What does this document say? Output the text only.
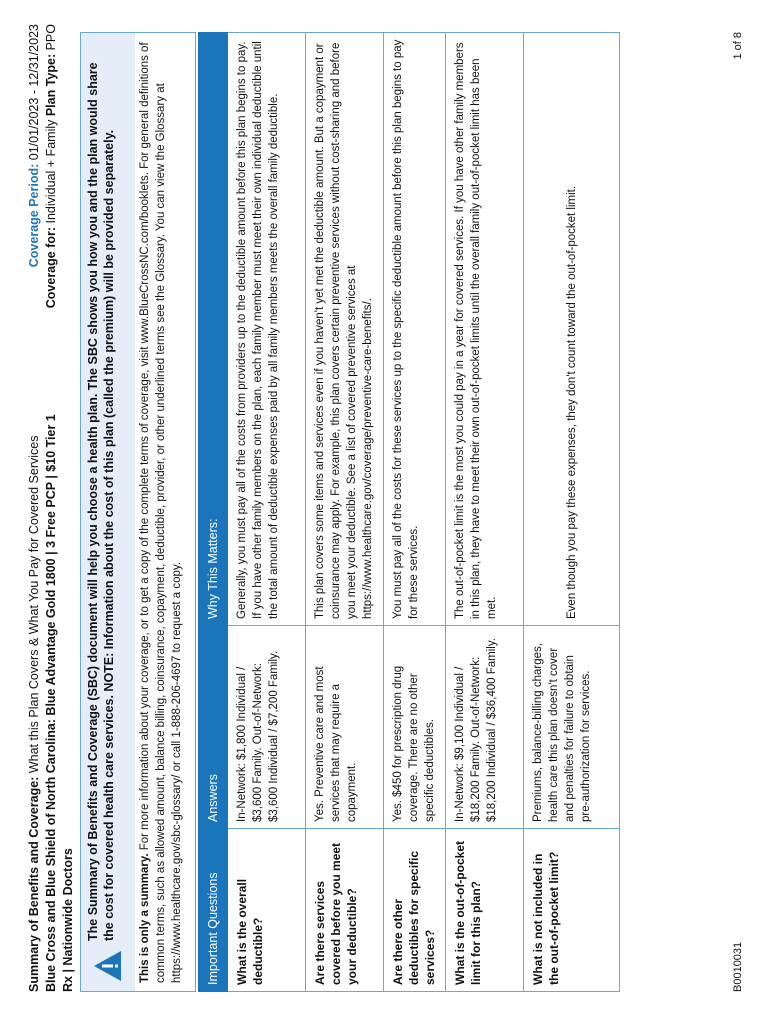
Summary of Benefits and Coverage: What this Plan Covers & What You Pay for Covered Services Blue Cross and Blue Shield of North Carolina: Blue Advantage Gold 1800 | 3 Free PCP | $10 Tier 1 Rx | Nationwide Doctors
Coverage Period: 01/01/2023 - 12/31/2023
Coverage for: Individual + Family Plan Type: PPO
The Summary of Benefits and Coverage (SBC) document will help you choose a health plan. The SBC shows you how you and the plan would share the cost for covered health care services. NOTE: Information about the cost of this plan (called the premium) will be provided separately. This is only a summary. For more information about your coverage, or to get a copy of the complete terms of coverage, visit www.BlueCrossNC.com/booklets. For general definitions of common terms, such as allowed amount, balance billing, coinsurance, copayment, deductible, provider, or other underlined terms see the Glossary. You can view the Glossary at https://www.healthcare.gov/sbc-glossary/ or call 1-888-206-4697 to request a copy. Important Questions	Answers	Why This Matters:
What is the overall deductible?	In-Network: $1,800 Individual / $3,600 Family. Out-of-Network: $3,600 Individual / $7,200 Family.	Generally, you must pay all of the costs from providers up to the deductible amount before this plan begins to pay. If you have other family members on the plan, each family member must meet their own individual deductible until the total amount of deductible expenses paid by all family members meets the overall family deductible.
Are there services covered before you meet your deductible?	Yes. Preventive care and most services that may require a copayment.	This plan covers some items and services even if you haven't yet met the deductible amount. But a copayment or coinsurance may apply. For example, this plan covers certain preventive services without cost-sharing and before you meet your deductible. See a list of covered preventive services at https://www.healthcare.gov/coverage/preventive-care-benefits/.
Are there other deductibles for specific services?	Yes. $450 for prescription drug coverage. There are no other specific deductibles.	You must pay all of the costs for these services up to the specific deductible amount before this plan begins to pay for these services.
What is the out-of-pocket limit for this plan?	In-Network: $9,100 Individual / $18,200 Family. Out-of-Network: $18,200 Individual / $36,400 Family.	The out-of-pocket limit is the most you could pay in a year for covered services. If you have other family members in this plan, they have to meet their own out-of-pocket limits until the overall family out-of-pocket limit has been met.
What is not included in the out-of-pocket limit?	Premiums, balance-billing charges, health care this plan doesn't cover and penalties for failure to obtain pre-authorization for services.	Even though you pay these expenses, they don't count toward the out-of-pocket limit.
B0010031
1 of 8
